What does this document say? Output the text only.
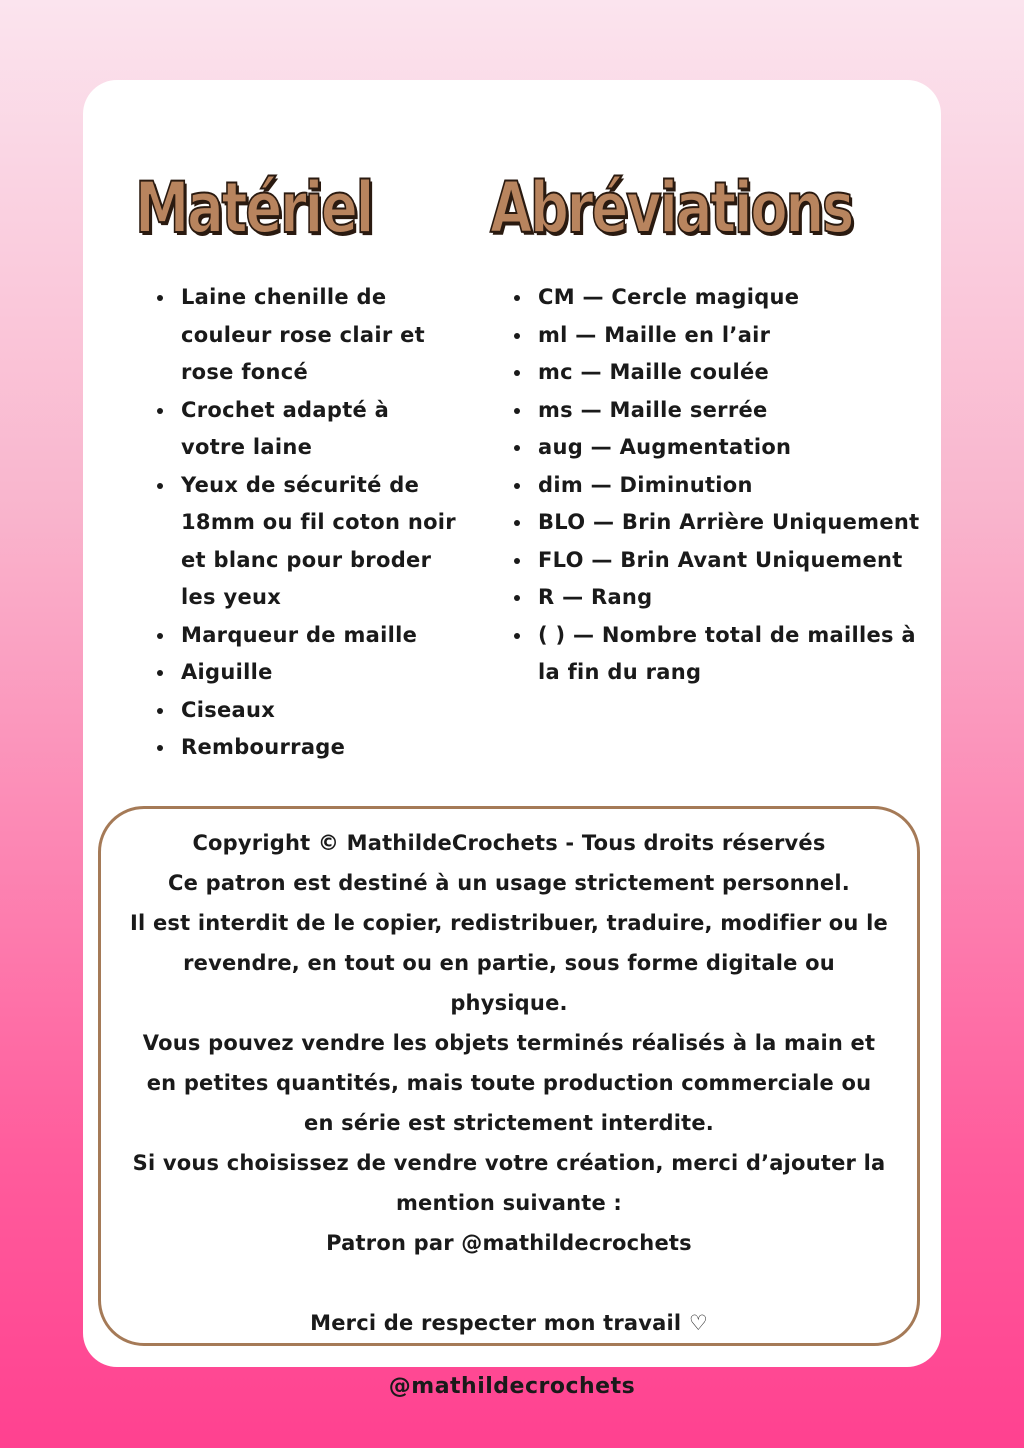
Matériel Abréviations
Laine chenille de couleur rose clair et rose foncé
Crochet adapté à votre laine
Yeux de sécurité de 18mm ou fil coton noir et blanc pour broder les yeux
Marqueur de maille
Aiguille
Ciseaux
Rembourrage
CM — Cercle magique
ml — Maille en l’air
mc — Maille coulée
ms — Maille serrée
aug — Augmentation
dim — Diminution
BLO — Brin Arrière Uniquement
FLO — Brin Avant Uniquement
R — Rang
( ) — Nombre total de mailles à la fin du rang

Copyright © MathildeCrochets - Tous droits réservés

Ce patron est destiné à un usage strictement personnel.

Il est interdit de le copier, redistribuer, traduire, modifier ou le revendre, en tout ou en partie, sous forme digitale ou physique.

Vous pouvez vendre les objets terminés réalisés à la main et en petites quantités, mais toute production commerciale ou en série est strictement interdite.

Si vous choisissez de vendre votre création, merci d’ajouter la mention suivante :

Patron par @mathildecrochets

Merci de respecter mon travail ♡

@mathildecrochets
